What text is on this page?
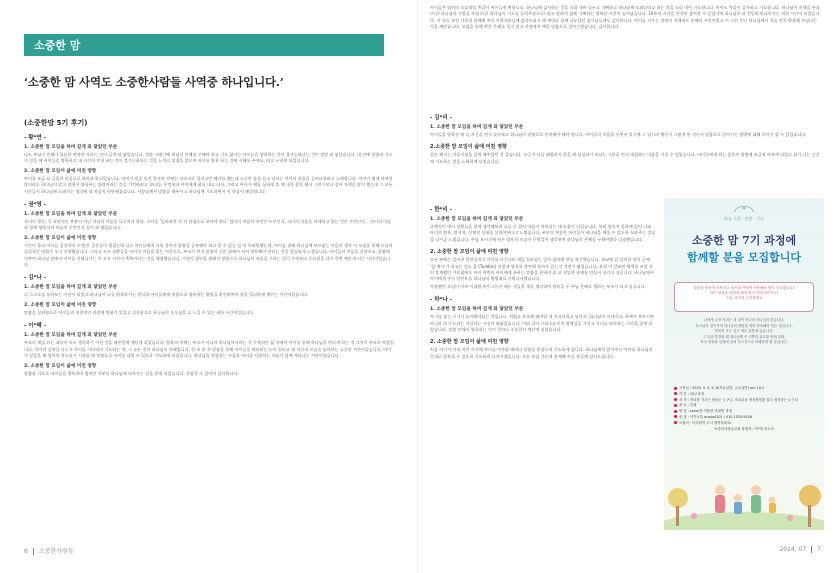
소중한 맘
‘소중한 맘 사역도 소중한사람들 사역중 하나입니다.’
(소중한맘 5기 후기)
- 황*연 -
1. 소중한 맘 모임을 하며 깊게 와 닿았던 부분
나도 주님의 은혜가 필요한 연약한 자라는 것이 깊게 와 닿았습니다. 정말 그때그때 주님의 은혜를 구해야 하고 기도 없이는 아이들을 양육하는 것이 불가능하다는 것이 정말 와 닿았습니다. 내 안에 말씀과 기도가 있을 때 아이들을 양육하고 내 자신의 인내 하는 것이 불가능하다는 것을 느끼고 성경을 읽으며 아이를 양육 하는 것에 지혜를 주세요, 라고 구하게 되었습니다.
2. 소중한 맘 모임이 삶에 미친 영향
아이를 조금 더 긍휼한 마음으로 바라보게 되었습니다. 아이가 말을 듣지 않으면 전에는 바로바로 얼마고만 해야를 했는데 소중한 맘을 듣고 나서는 아이의 마음을 들어다보려고 노력합니다. 아이가 쉽게 바뀌지 않더라도 하나님이 알고 앞에서 양육하는 과정이라는 것을 기억하려고 합니다. 무엇보다 아이에게 화를 내고 나서, 그리고 아이가 얘를 심하게 울 때 내가 잘못 해서 그런가보다 싶어 자책을 많이 했는데 그 모든 시간들이 하나님께 드려지는 생각에 내 마음이 편안해졌습니다. 사랑님께서 말씀을 해주시고 하나님께 기도하면서 이 마음이 해결됩니다.
- 권*영 -
1. 소중한 맘 모임을 하며 깊게 와 닿았던 부분
자녀의 행동, 즉 표면적인 부분이 아닌 자녀의 마음을 다루어야 한다. 자녀를 ‘일러바친 자’의 관점으로 보아야 한다. 엄마의 마음의 주인은 누구인지, 자녀의 마음을 자세히고 있는 것은 무엇인지... 아이의 마음과 함께 양육자의 마음이 무엇인지 깊이 와 닿았습니다.
2. 소중한 맘 모임이 삶에 미친 영향
시간이 흘러 아이들 성장하며 수 많은 질문들이 생겼는데 다른 어른들에게 나눠 물어서 말씀을 공부해야 하고 할 수 있는 일 아 어려워했는데, 아이를 위해 하나님께 부르짖는 마음이 생겨 이 모임을 통해 드디어 실질적인 변화가 오기 시작했습니다. 그리고 모든 상황들을 아이의 마음을 읽는 시간으로, 부모가 먼저 말씀의 기준 위에서 서서 양육해야 한다는 것을 절실하게 느꼈습니다. 아이들의 마음을 살펴주고, 말씀에 비추어 하나님 앞에서 아이를 키워나가는 이 모든 시간이 축복이라는 것을 체험했습니다. 가정의 평안을 위해서 말씀으로 하나님의 마음을 구하는 일이 무엇보다 중요함을 다시 한번 깨닫게 되는 시간이었습니다.
- 김*나 -
1. 소중한 맘 모임을 하며 깊게 와 닿았던 부분
나 스스로를 돌아보는 시간이 되었고 하나님이 나를 양육하시는 방식과 아이들에게 말씀으로 양육하는 방법을 훈련하여야 함을 절실하게 깨닫는 시간이었습니다.
2. 소중한 맘 모임이 삶에 미친 영향
말씀을 실천함으로 아이들과 직접적인 관찰에 변화가 있었고 실천함으로 하나님의 도우심을 더 느낄 수 있는 귀한 시간이었습니다.
- 이*혜 -
1. 소중한 맘 모임을 하며 깊게 와 닿았던 부분
부모의 책임 끄는 대상이 모두 생각하기 이전 것을 매주일에 깨닫게 되었습니다. 양육의 주체는 부모가 아니라 하나님이시라는 것 구체적인 삶 속에서 아이를 통해 하나님을 만나게 하는 것 그것이 부모의 역할입니다. 아이의 감정을 다루고 아이를 기다리며 기도하는 것, 그 모든 것이 하나님의 은혜입니다. 한 주 한 주 말씀을 통해 아이들을 바라보는 눈이 열리고 제 자신의 모습을 돌아보는 소중한 시간이었습니다. 아이가 잘못을 해 엄마의 잔소리가 시작될 때 말씀으로 아이를 대할 수 있도록 기도하게 되었습니다. 하나님을 사랑하는 마음과 아이를 사랑하는 마음이 함께 자라나는 시간이었습니다.
2. 소중한 맘 모임이 삶에 미친 영향
말씀과 기도로 아이들을 양육하며 엄마인 저부터 하나님께 나아가는 힘을 얻게 되었습니다. 사랑한 수 있어서 감사합니다.
6 소중한사람들
아이들은 엄마의 모습처럼 똑같이 어른들게 변합니다. 하나님께 감사하는 것을 소리 내어 나누고 기뻐하고 하나님께 도와달라고 하는 것을 소리 내어 기도합니다. 아이도 똑같이 감사하고 기도합니다. 하나님이 자책을 주셨구나! 하나님의 사랑을 주셨구나! 하나님이 기도를 들어주셨구나! 라고 말하며 함께 기뻐하는 행복한 시간이 늘어났습니다. 10주의 시간을 온전히 참여할 수 있었기에 하나님과 더 친밀하게 나아가는 귀한 시간이 되었습니다. 이 모든 과정 가운데 함께해 주신 사역자분들께 감사드리고 매 주마다 함께 나누었던 집사님들께도 감사합니다. 아이를 키우는 과정이 저에게도 은혜의 시간이었고 이 시간 동안 하나님께서 저를 먼저 양육해 주셨다는 것을 깨닫습니다. 모임을 통해 받은 은혜를 잊지 않고 가정에서 매일 말씀으로 살아가겠습니다. 감사합니다.
- 김*리 -
1. 소중한 맘 모임을 하며 깊게 와 닿았던 부분
아이들을 양육한 때 나 자신을 먼저 돌아보고 하나님의 말씀으로 준비해야 해야 합니다. 아이들의 마음을 무엇이 있기에 그 당시의 행동이 그렇게 된 것인지 말씀으로 알아가는 방법에 대해 이야기 할 수 있었습니다.
2.소중한 맘 모임이 삶에 미친 영향
결손 해지는 마음가짐을 알게 해주었던 것 같습니다. 누군가 나를 대접하지 않을 때 섭섭하기 보다는 그분을 먼저 대접하는 마음을 가질 수 있었습니다. 아이들에게 하는 훈육의 방법에 조금씩 바뀌게 되었고 화가 나는 순간에 기도하는 것을 노력하게 되었습니다.
- 한*리 -
1. 소중한 맘 모임을 하며 깊게 와 닿았던 부분
규례적인 애시 상황들을 함께 생각해보며 나를 수 있어 마음이 치유되는 데 도움이 되었습니다. 특히 양육자 훈육에 있어 나와 아이의 양육, 정서적, 신체적 상태를 살펴야한다고 느꼈습니다. 부모의 역할은 아이들이 하나님을 배울 수 있도록 도와주는 것임을 다시금 느꼈습니다. 주님 보시기에 바른 양육의 모습이 무엇일까 생각하며 하나님의 은혜를 구해야겠다 다짐했습니다.
2. 소중한 맘 모임이 삶에 미친 영향
모든 판에는 일어곤 일반질적고 아이를 키우나라 애일 힘쓰셨는 일이 엄마에 현상 씩긴했습니다. 학교에 갔 감처한 말이 곳에 '설 애시'가 되고는 일도 몸 (Toddler) 이렇게 양육과 관련해 항자가 있는지 걱정이 됐었습니다. 분위 아 알보면 명력을 보았 흔히 훈계했던 가르침에도 아이 어린이 아이에게 통하는 말씀을 전하며 좀 더 친밀한 관계를 만들어 나가고 싶습니다. 하나님께서 아이에게 주신 달란트를 하나님의 방법대로 키워나가겠습니다.
사랑했던 모임이 미처 아쉬웠지만 그동안 배운 것들을 계속 생각하며 양육을 두 주님 은혜로 행하는 부모가 되고 싶습니다.
- 하*나 -
1. 소중한 맘 모임을 하며 깊게 와 닿았던 부분
아기를 낳는 시기가 돌아봐야되는 것입니다. 귀엽고 보호해 줘야할 내 자식이라고 남아서, 하나님의 자녀이고, 주께서 부르시면 아니라 하기 드리는 자녀라는 사실이 와닿았습니다. 이와 같이 그리스도인의 정체성을 가지고 자녀를 바라보는 시각을 갖게 되었습니다. 말씀 안에서 양육하는 것이 얼마나 중요한지 깨닫게 되었습니다.
2. 소중한 맘 모임이 삶에 미친 영향
처음 아기가 아직 어린 시기에 자녀를 마주할 때마다 말씀을 붙잡으며 기도하게 됩니다. 하나님께서 맡겨주신 아이를 하나님의 뜻대로 양육할 수 있도록 기도하며 나아가겠습니다. 모든 모임 가운데 함께해 주신 분들께 감사드립니다.
하늘 소망 · 말씀 · 기도
소중한 맘 7기 과정에
함께할 분을 모집합니다
말씀을 양육에 적용하고 싶은데 어떻게 적용해야 할지 모르겠나요?
아이 양육을 어떻게 해야 할지 막막하신가요?
그림, 아이를 주목하세요
나에게 주신 자녀는 내 것이 아니라 하나님의 것입니다.
하나님의 것이기에 하나님의 방법을 따라 양육해야 하는 것입니다.
양육의 모든 일은 바로 말씀에 있습니다.
그 일을 발견할 때 하나님께 큰 기쁨과 위로를 받게 되며,
자녀 양육을 일생에 걸쳐 부르심으로 이해하게 될 것입니다.
시작일 : 2024. 9. 5, 9. 6(목요일반, 금요일반) am 10시
기 간 : 10주과정
자 격 : 자녀를 키우는 엄마는 누구나, 자녀교육 양육방법을 알고 싶어하는 누구나
장 소 : 부평
방 법 : zoom을 이용한 비대면 과정
신 청 : 카카오톡 arario0101 / 010.1525.9106
모집처 : 이러하여 주시 참여하세요!
소중한사람들교회 담당자 : 이*희 전도사
2024. 07 7
